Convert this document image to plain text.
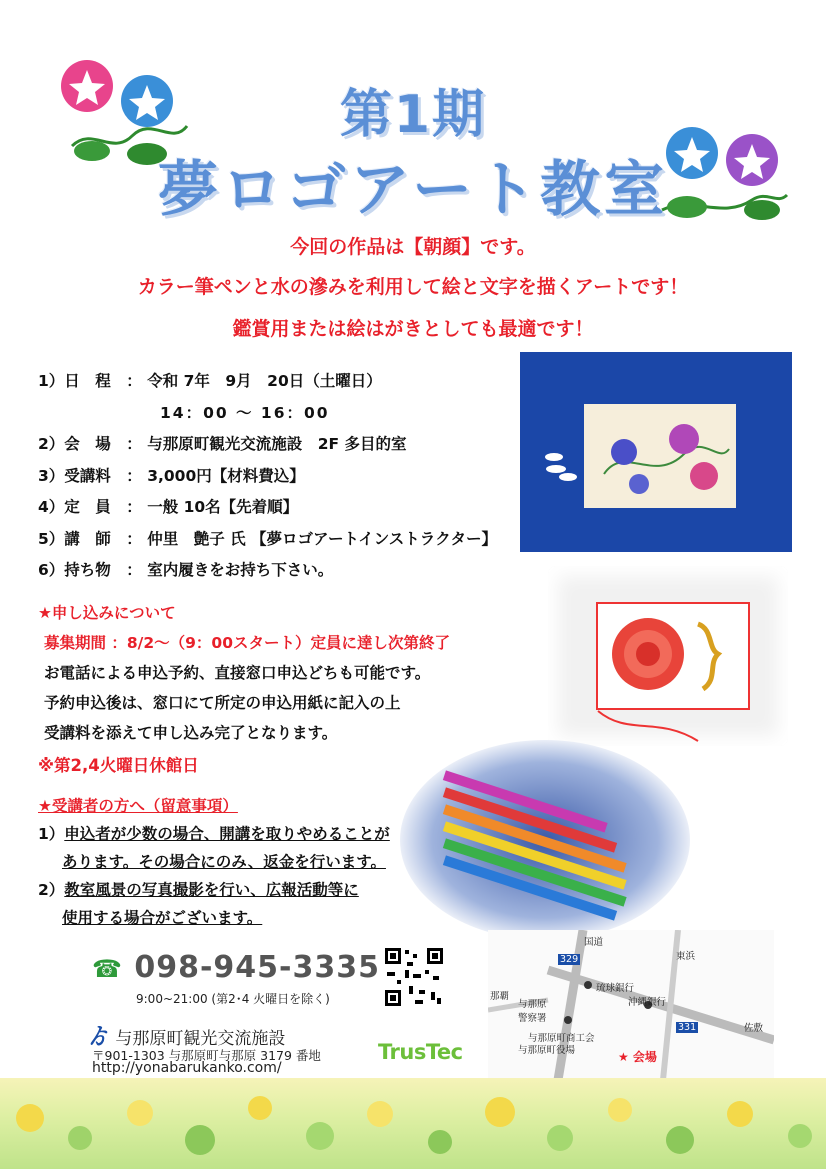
第1期
夢ロゴアート教室
今回の作品は【朝顔】です。
カラー筆ペンと水の滲みを利用して絵と文字を描くアートです！
鑑賞用または絵はがきとしても最適です！
1）日　程　： 令和 7年　9月　20日（土曜日）
14：00 ～ 16：00
2）会　場　： 与那原町観光交流施設　2F 多目的室
3）受講料　： 3,000円【材料費込】
4）定　員　： 一般 10名【先着順】
5）講　師　： 仲里　艶子 氏 【夢ロゴアートインストラクター】
6）持ち物　： 室内履きをお持ち下さい。
★申し込みについて
募集期間 ：8/2～（9：00スタート）定員に達し次第終了
お電話による申込予約、直接窓口申込どちも可能です。
予約申込後は、窓口にて所定の申込用紙に記入の上
受講料を添えて申し込み完了となります。
※第2,4火曜日休館日
★受講者の方へ（留意事項）
1）申込者が少数の場合、開講を取りやめることが
あります。その場合にのみ、返金を行います。
2）教室風景の写真撮影を行い、広報活動等に
使用する場合がございます。
☎ 098-945-3335
9:00~21:00 (第2･4 火曜日を除く)
ゟ 与那原町観光交流施設
〒901-1303 与那原町与那原 3179 番地
http://yonabarukanko.com/
TrusTec
国道
東浜
329
那覇
琉球銀行
沖縄銀行
与那原
警察署
与那原町商工会
与那原町役場
331	佐敷
★ 会場
